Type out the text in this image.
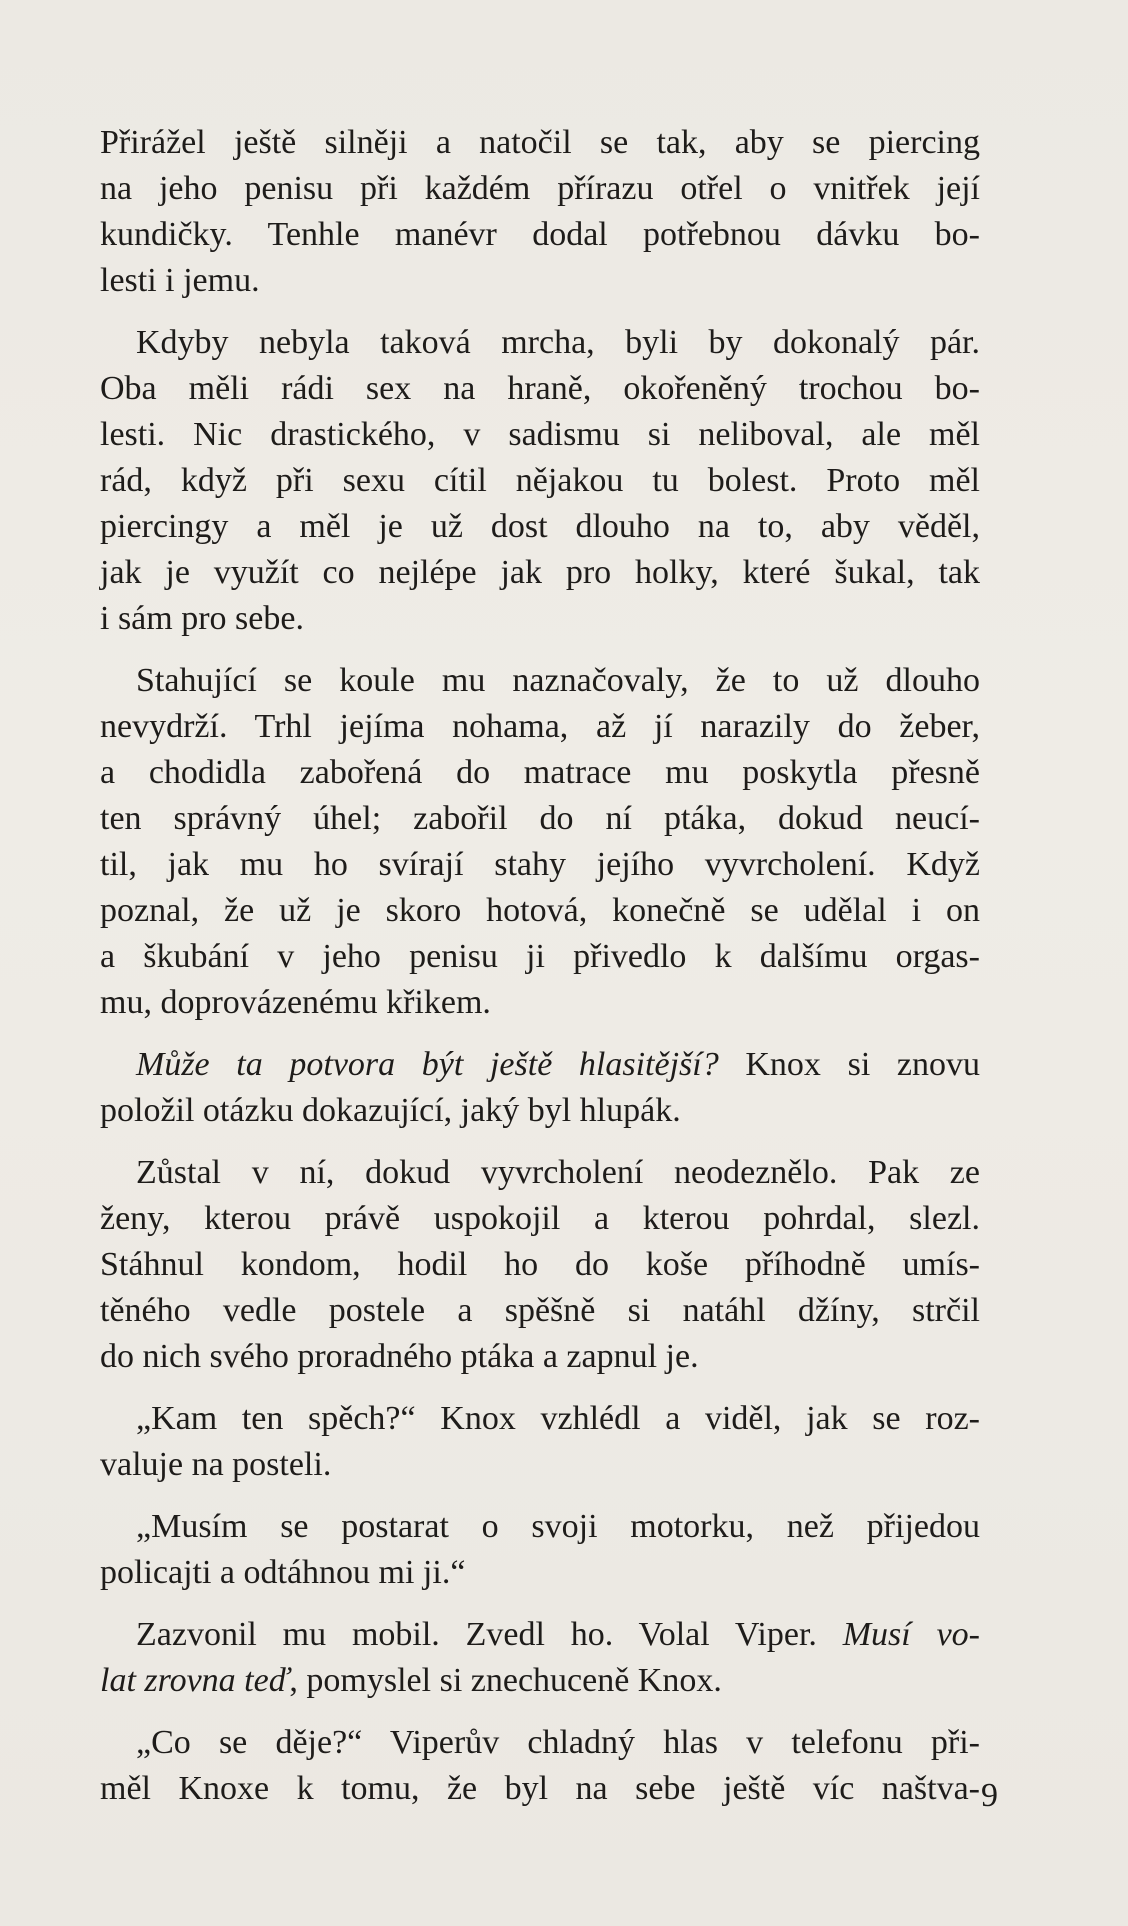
Přirážel ještě silněji a natočil se tak, aby se piercing
na jeho penisu při každém přírazu otřel o vnitřek její
kundičky. Tenhle manévr dodal potřebnou dávku bo-
lesti i jemu.
Kdyby nebyla taková mrcha, byli by dokonalý pár.
Oba měli rádi sex na hraně, okořeněný trochou bo-
lesti. Nic drastického, v sadismu si neliboval, ale měl
rád, když při sexu cítil nějakou tu bolest. Proto měl
piercingy a měl je už dost dlouho na to, aby věděl,
jak je využít co nejlépe jak pro holky, které šukal, tak
i sám pro sebe.
Stahující se koule mu naznačovaly, že to už dlouho
nevydrží. Trhl jejíma nohama, až jí narazily do žeber,
a chodidla zabořená do matrace mu poskytla přesně
ten správný úhel; zabořil do ní ptáka, dokud neucí-
til, jak mu ho svírají stahy jejího vyvrcholení. Když
poznal, že už je skoro hotová, konečně se udělal i on
a škubání v jeho penisu ji přivedlo k dalšímu orgas-
mu, doprovázenému křikem.
Může ta potvora být ještě hlasitější? Knox si znovu
položil otázku dokazující, jaký byl hlupák.
Zůstal v ní, dokud vyvrcholení neodeznělo. Pak ze
ženy, kterou právě uspokojil a kterou pohrdal, slezl.
Stáhnul kondom, hodil ho do koše příhodně umís-
těného vedle postele a spěšně si natáhl džíny, strčil
do nich svého proradného ptáka a zapnul je.
„Kam ten spěch?“ Knox vzhlédl a viděl, jak se roz-
valuje na posteli.
„Musím se postarat o svoji motorku, než přijedou
policajti a odtáhnou mi ji.“
Zazvonil mu mobil. Zvedl ho. Volal Viper. Musí vo-
lat zrovna teď, pomyslel si znechuceně Knox.
„Co se děje?“ Viperův chladný hlas v telefonu při-
měl Knoxe k tomu, že byl na sebe ještě víc naštva- 9
